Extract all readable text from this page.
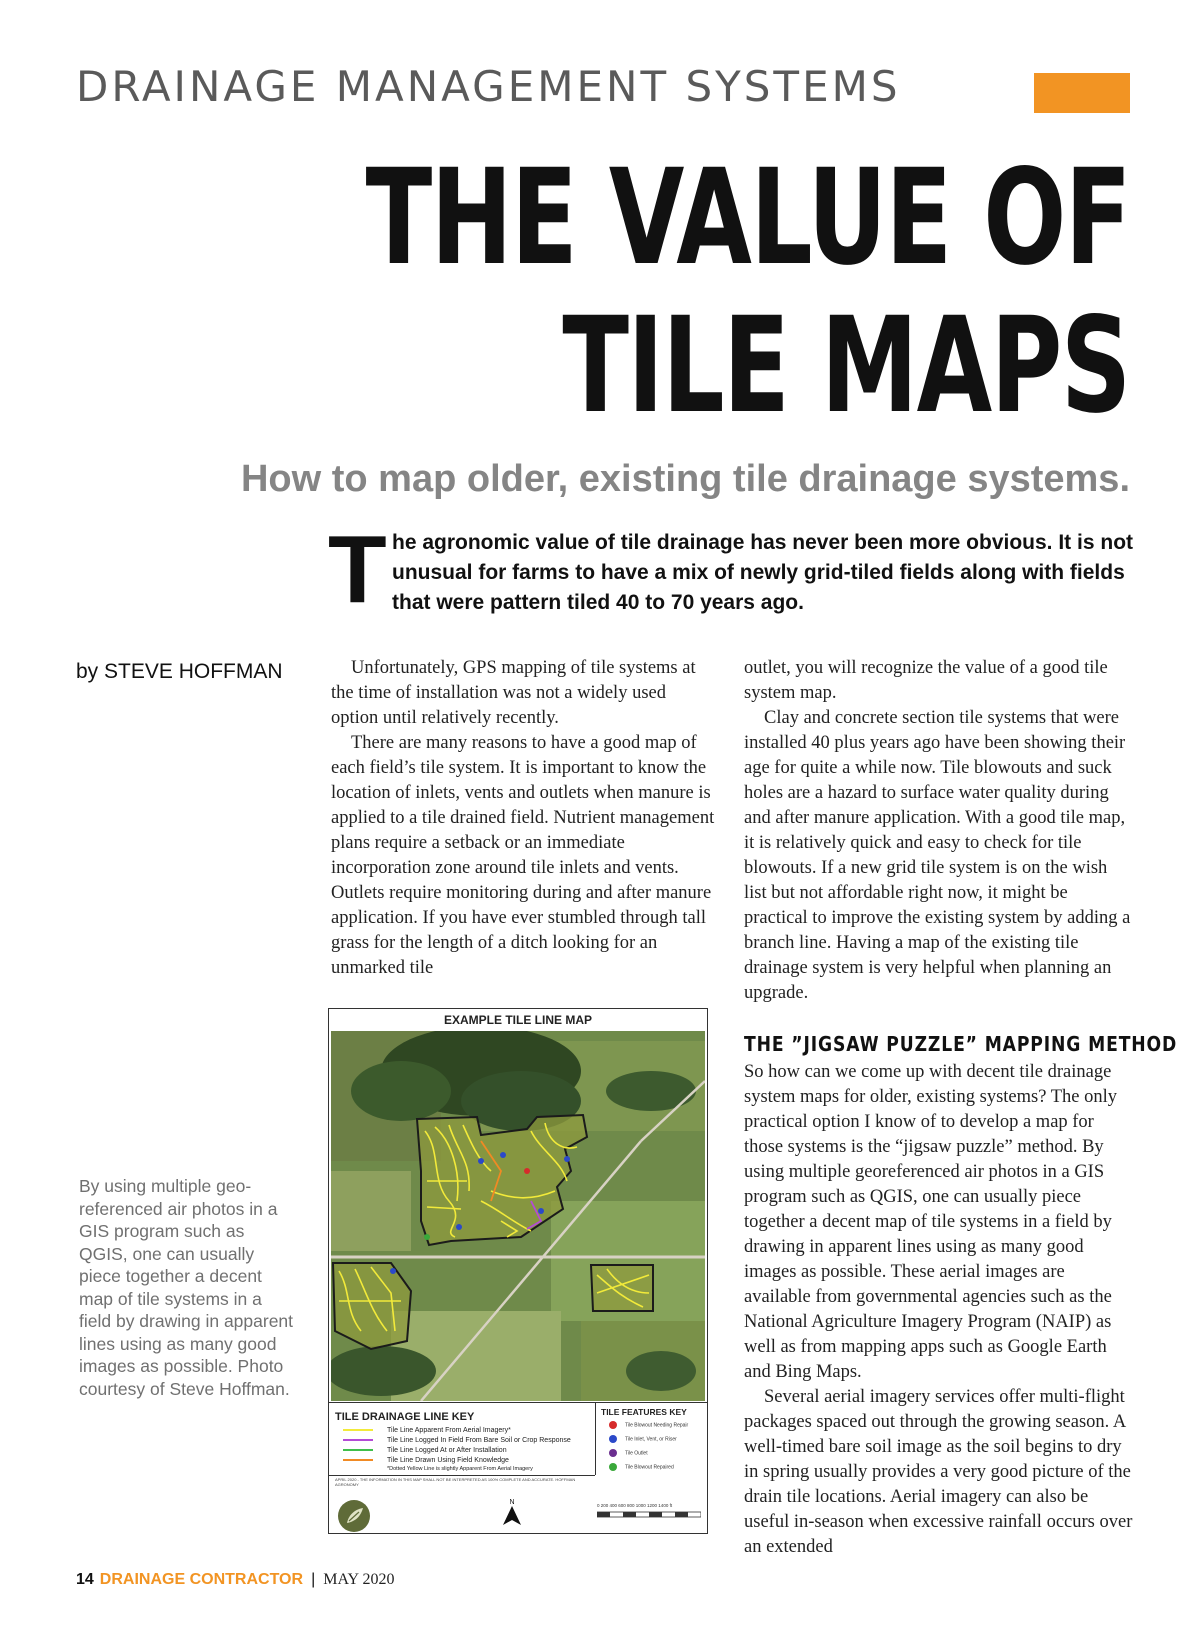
DRAINAGE MANAGEMENT SYSTEMS
THE VALUE OF
TILE MAPS
How to map older, existing tile drainage systems.
T he agronomic value of tile drainage has never been more obvious. It is not unusual for farms to have a mix of newly grid-tiled fields along with fields that were pattern tiled 40 to 70 years ago.
by STEVE HOFFMAN	Unfortunately, GPS mapping of tile systems at the time of installation was not a widely used option until relatively recently.

There are many reasons to have a good map of each field’s tile system. It is important to know the location of inlets, vents and outlets when manure is applied to a tile drained field. Nutrient management plans require a setback or an immediate incorporation zone around tile inlets and vents. Outlets require monitoring during and after manure application. If you have ever stumbled through tall grass for the length of a ditch looking for an unmarked tile

outlet, you will recognize the value of a good tile system map.

Clay and concrete section tile systems that were installed 40 plus years ago have been showing their age for quite a while now. Tile blowouts and suck holes are a hazard to surface water quality during and after manure application. With a good tile map, it is relatively quick and easy to check for tile blowouts. If a new grid tile system is on the wish list but not affordable right now, it might be practical to improve the existing system by adding a branch line. Having a map of the existing tile drainage system is very helpful when planning an upgrade.

THE ”JIGSAW PUZZLE” MAPPING METHOD

So how can we come up with decent tile drainage system maps for older, existing systems? The only practical option I know of to develop a map for those systems is the “jigsaw puzzle” method. By using multiple georeferenced air photos in a GIS program such as QGIS, one can usually piece together a decent map of tile systems in a field by drawing in apparent lines using as many good images as possible. These aerial images are available from governmental agencies such as the National Agriculture Imagery Program (NAIP) as well as from mapping apps such as Google Earth and Bing Maps.

Several aerial imagery services offer multi-flight packages spaced out through the growing season. A well-timed bare soil image as the soil begins to dry in spring usually provides a very good picture of the drain tile locations. Aerial imagery can also be useful in-season when excessive rainfall occurs over an extended

By using multiple geo-referenced air photos in a GIS program such as QGIS, one can usually piece together a decent map of tile systems in a field by drawing in apparent lines using as many good images as possible. Photo courtesy of Steve Hoffman.
EXAMPLE TILE LINE MAP
TILE DRAINAGE LINE KEY
Tile Line Apparent From Aerial Imagery*
Tile Line Logged In Field From Bare Soil or Crop Response
Tile Line Logged At or After Installation
Tile Line Drawn Using Field Knowledge
*Dotted Yellow Line is slightly Apparent From Aerial Imagery
APRIL 2020 - THE INFORMATION IN THIS MAP SHALL NOT BE INTERPRETED AS 100% COMPLETE AND ACCURATE. HOFFMAN AGRONOMY
TILE FEATURES KEY
Tile Blowout Needing Repair
Tile Inlet, Vent, or Riser
Tile Outlet
Tile Blowout Repaired
N	0 200 400 600 800 1000 1200 1400 ft
14 DRAINAGE CONTRACTOR | MAY 2020
